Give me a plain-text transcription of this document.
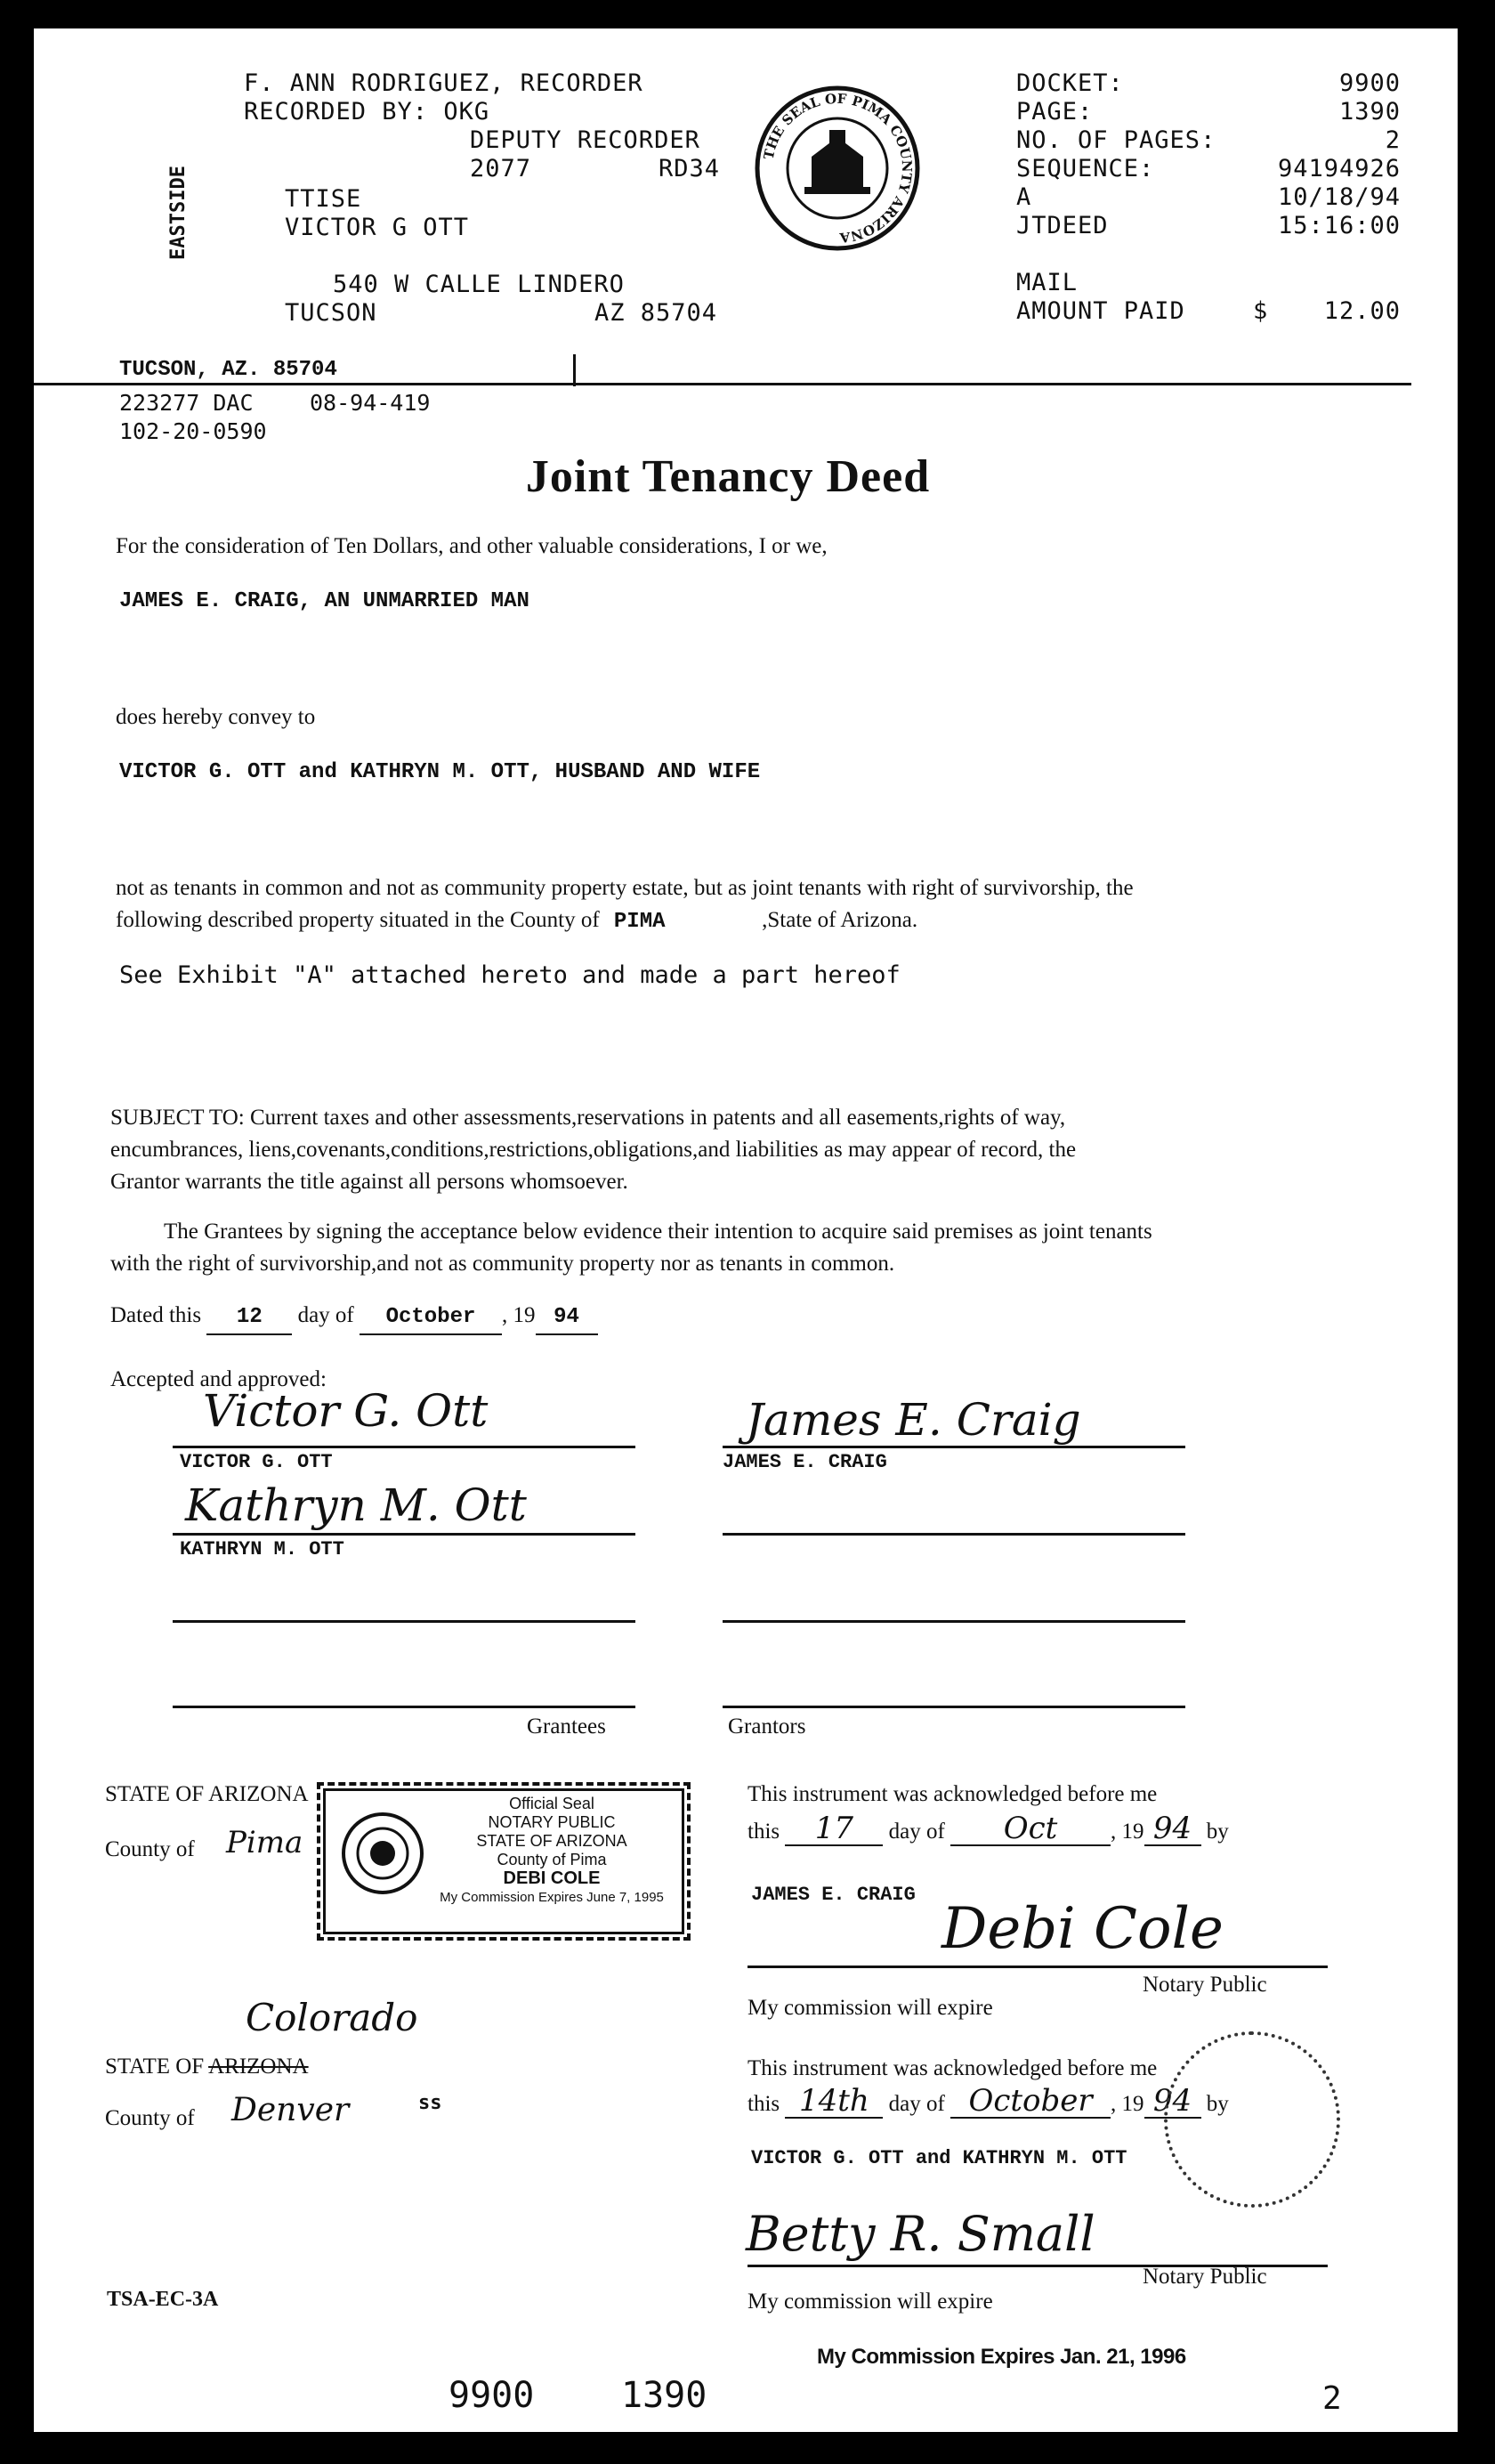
F. ANN RODRIGUEZ, RECORDER
RECORDED BY: OKG
DEPUTY RECORDER
2077	RD34
EASTSIDE	TTISE
VICTOR G OTT
540 W CALLE LINDERO
TUCSON	AZ 85704
THE SEAL OF PIMA COUNTY ARIZONA
DOCKET:	9900
PAGE:	1390
NO. OF PAGES:	2
SEQUENCE:	94194926
A	10/18/94
JTDEED	15:16:00
MAIL
AMOUNT PAID	$ 12.00
TUCSON, AZ. 85704
223277 DAC	08-94-419
102-20-0590
Joint Tenancy Deed
For the consideration of Ten Dollars, and other valuable considerations, I or we,
JAMES E. CRAIG, AN UNMARRIED MAN
does hereby convey to
VICTOR G. OTT and KATHRYN M. OTT, HUSBAND AND WIFE
not as tenants in common and not as community property estate, but as joint tenants with right of survivorship, the
following described property situated in the County of PIMA	,State of Arizona.
See Exhibit "A" attached hereto and made a part hereof
SUBJECT TO: Current taxes and other assessments,reservations in patents and all easements,rights of way,
encumbrances, liens,covenants,conditions,restrictions,obligations,and liabilities as may appear of record, the
Grantor warrants the title against all persons whomsoever.
The Grantees by signing the acceptance below evidence their intention to acquire said premises as joint tenants
with the right of survivorship,and not as community property nor as tenants in common.
Dated this 12 day of October , 19 94
Accepted and approved:
Victor G. Ott
VICTOR G. OTT
Kathryn M. Ott
KATHRYN M. OTT
Grantees
James E. Craig
JAMES E. CRAIG
Grantors
STATE OF ARIZONA
County of Pima
Official Seal
NOTARY PUBLIC
STATE OF ARIZONA
County of Pima
DEBI COLE
My Commission Expires June 7, 1995
This instrument was acknowledged before me
this 17 day of Oct , 19 94 by
JAMES E. CRAIG
Debi Cole
Notary Public
My commission will expire
STATE OF ARIZONA
Colorado
County of Denver	ss
This instrument was acknowledged before me
this 14th day of October , 19 94 by
VICTOR G. OTT and KATHRYN M. OTT
Betty R. Small
Notary Public
My commission will expire
My Commission Expires Jan. 21, 1996
TSA-EC-3A
9900 1390	2
